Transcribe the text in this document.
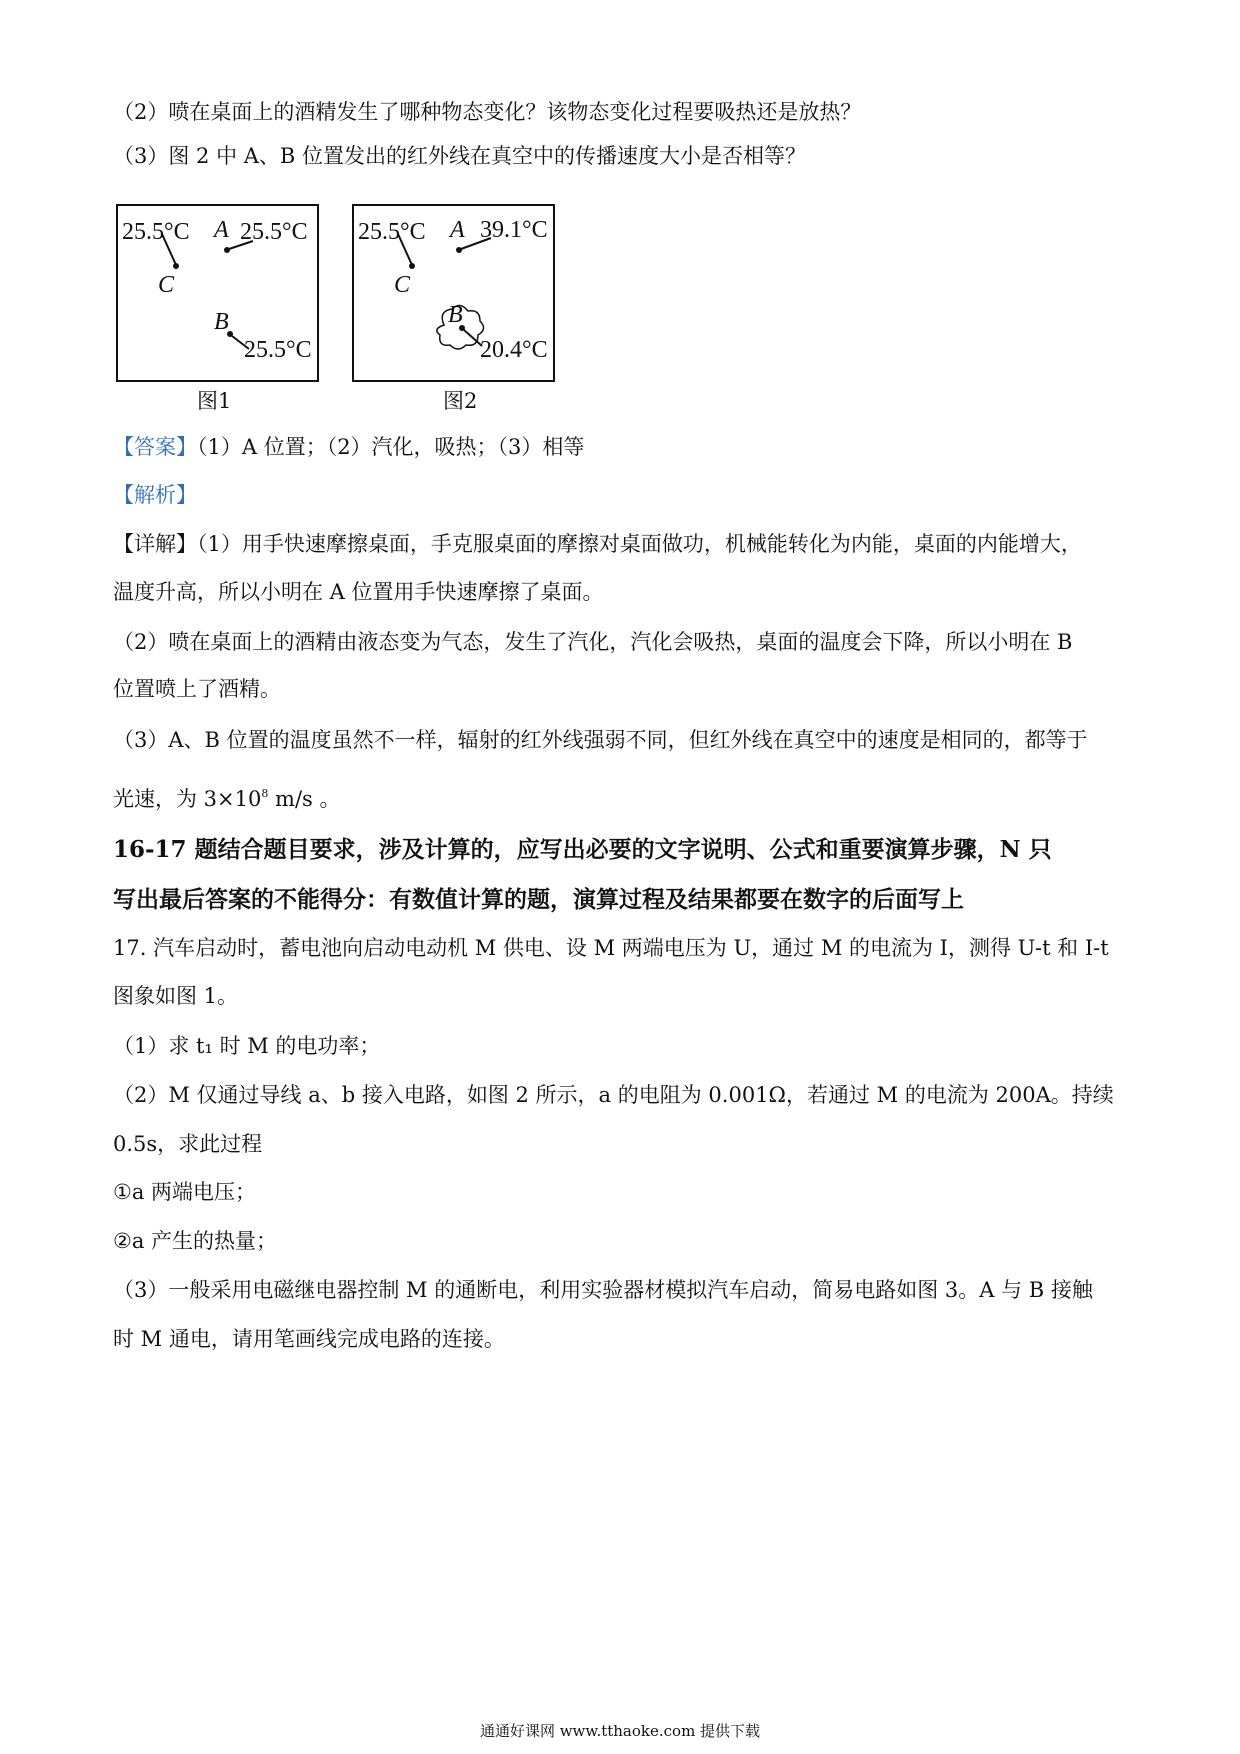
（2）喷在桌面上的酒精发生了哪种物态变化？该物态变化过程要吸热还是放热？
（3）图 2 中 A、B 位置发出的红外线在真空中的传播速度大小是否相等？
25.5°C
C
A 25.5°C
B
25.5°C
图1
25.5°C
C
A 39.1°C
B
20.4°C
图2
【答案】（1）A 位置；（2）汽化，吸热；（3）相等
【解析】
【详解】（1）用手快速摩擦桌面，手克服桌面的摩擦对桌面做功，机械能转化为内能，桌面的内能增大，
温度升高，所以小明在 A 位置用手快速摩擦了桌面。
（2）喷在桌面上的酒精由液态变为气态，发生了汽化，汽化会吸热，桌面的温度会下降，所以小明在 B
位置喷上了酒精。
（3）A、B 位置的温度虽然不一样，辐射的红外线强弱不同，但红外线在真空中的速度是相同的，都等于
光速，为 $3\times 10^8$ m/s 。
16-17 题结合题目要求，涉及计算的，应写出必要的文字说明、公式和重要演算步骤，N 只
写出最后答案的不能得分：有数值计算的题，演算过程及结果都要在数字的后面写上
17. 汽车启动时，蓄电池向启动电动机 M 供电、设 M 两端电压为 U，通过 M 的电流为 I，测得 U-t 和 I-t
图象如图 1。
（1）求 t₁ 时 M 的电功率；
（2）M 仅通过导线 a、b 接入电路，如图 2 所示，a 的电阻为 0.001Ω，若通过 M 的电流为 200A。持续
0.5s，求此过程
①a 两端电压；
②a 产生的热量；
（3）一般采用电磁继电器控制 M 的通断电，利用实验器材模拟汽车启动，简易电路如图 3。A 与 B 接触
时 M 通电，请用笔画线完成电路的连接。
通通好课网 www.tthaoke.com 提供下载
